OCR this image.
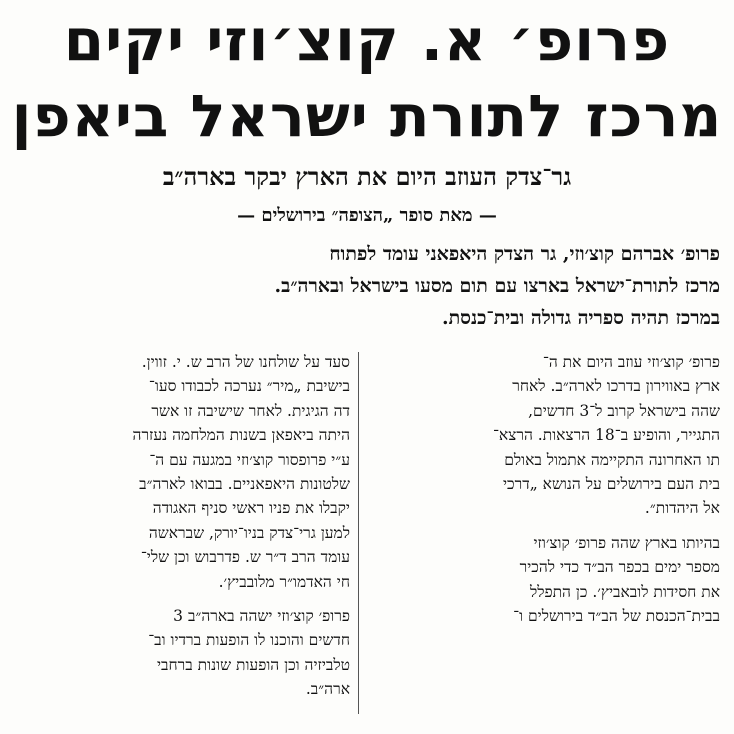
פרופ׳ א. קוצ׳וזי יקים
מרכז לתורת ישראל ביאפן
גר־צדק העוזב היום את הארץ יבקר בארה״ב
— מאת סופר „הצופה״ בירושלים —
פרופ׳ אברהם קוצ׳וזי, גר הצדק היאפאני עומד לפתוח
מרכז לתורת־ישראל בארצו עם תום מסעו בישראל ובארה״ב.
במרכז תהיה ספריה גדולה ובית־כנסת.

פרופ׳ קוצ׳וזי עוזב היום את ה־
ארץ באווירון בדרכו לארה״ב. לאחר
שהה בישראל קרוב ל־3 חדשים,
התגייר, והופיע ב־18 הרצאות. הרצא־
תו האחרונה התקיימה אתמול באולם
בית העם בירושלים על הנושא „דרכי
אל היהדות״.

בהיותו בארץ שהה פרופ׳ קוצ׳וזי
מספר ימים בכפר הב״ד כדי להכיר
את חסידות לובאביץ׳. כן התפלל
בבית־הכנסת של הב״ד בירושלים ו־

סעד על שולחנו של הרב ש. י. זווין.
בישיבת „מיר״ נערכה לכבודו סעו־
דה הגיגית. לאחר שישיבה זו אשר
היתה ביאפאן בשנות המלחמה נעזרה
ע״י פרופסור קוצ׳וזי במגעה עם ה־
שלטונות היאפאניים. בבואו לארה״ב
יקבלו את פניו ראשי סניף האגודה
למען גרי־צדק בניו־יורק, שבראשה
עומד הרב ד״ר ש. פדרבוש וכן שלי־
חי האדמו״ר מלובביץ׳.

פרופ׳ קוצ׳וזי ישהה בארה״ב 3
חדשים והוכנו לו הופעות ברדיו וב־
טלביזיה וכן הופעות שונות ברחבי
ארה״ב.
